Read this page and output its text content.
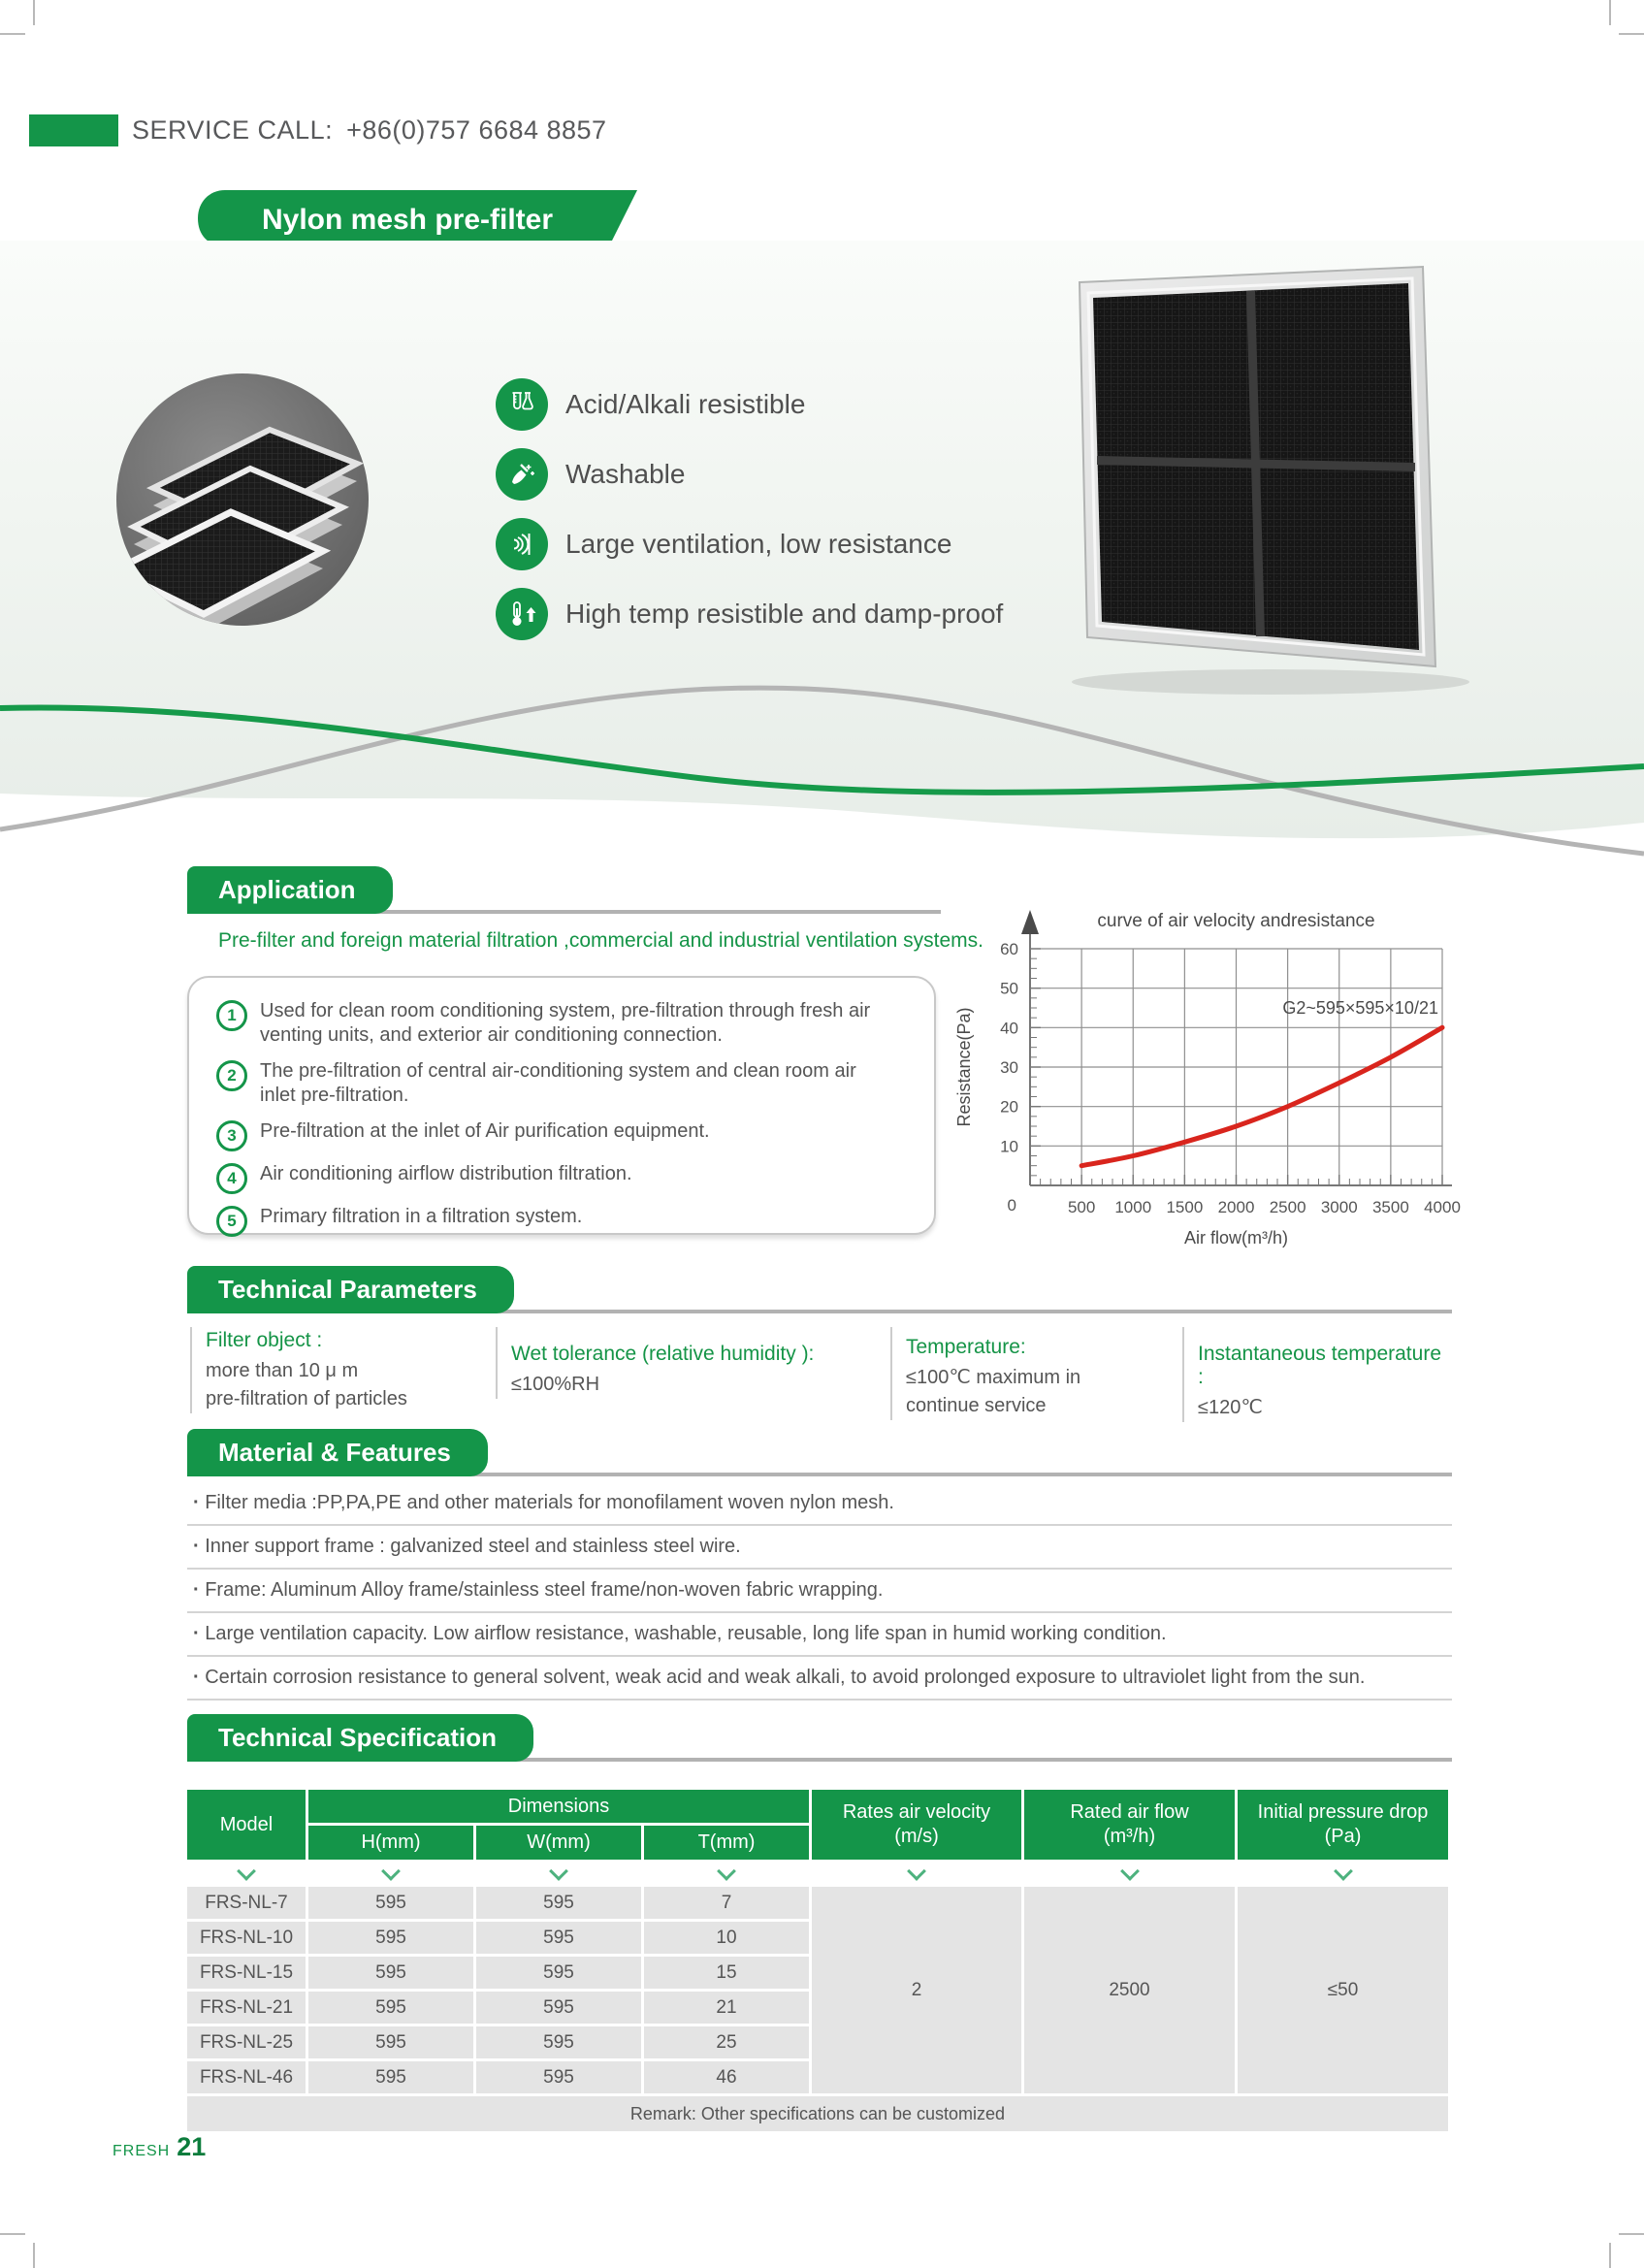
SERVICE CALL: +86(0)757 6684 8857
Nylon mesh pre-filter
Acid/Alkali resistible
Washable
Large ventilation, low resistance
High temp resistible and damp-proof
Application
Pre-filter and foreign material filtration ,commercial and industrial ventilation systems.
1	Used for clean room conditioning system, pre-filtration through fresh air venting units, and exterior air conditioning connection.
2	The pre-filtration of central air-conditioning system and clean room air inlet pre-filtration.
3	Pre-filtration at the inlet of Air purification equipment.
4	Air conditioning airflow distribution filtration.
5	Primary filtration in a filtration system.
10
20
30
40
50
60
0	500 1000 1500 2000 2500 3000 3500 4000
curve of air velocity andresistance
Air flow(m³/h)
Resistance(Pa)	G2~595×595×10/21
Technical Parameters
Filter object :
more than 10 μ m
pre-filtration of particles
Wet tolerance (relative humidity ):
≤100%RH
Temperature:
≤100℃ maximum in
continue service
Instantaneous temperature :
≤120℃
Material & Features
· Filter media :PP,PA,PE and other materials for monofilament woven nylon mesh.
· Inner support frame : galvanized steel and stainless steel wire.
· Frame: Aluminum Alloy frame/stainless steel frame/non-woven fabric wrapping.
· Large ventilation capacity. Low airflow resistance, washable, reusable, long life span in humid working condition.
· Certain corrosion resistance to general solvent, weak acid and weak alkali, to avoid prolonged exposure to ultraviolet light from the sun.
Technical Specification
Model
Dimensions
H(mm)	W(mm)	T(mm)
Rates air velocity
(m/s)
Rated air flow
(m³/h)
Initial pressure drop
(Pa)
FRS-NL-7	595	595	7
FRS-NL-10	595	595	10
FRS-NL-15	595	595	15
FRS-NL-21	595	595	21
FRS-NL-25	595	595	25
FRS-NL-46	595	595	46
2	2500	≤50
Remark: Other specifications can be customized
FRESH 21
